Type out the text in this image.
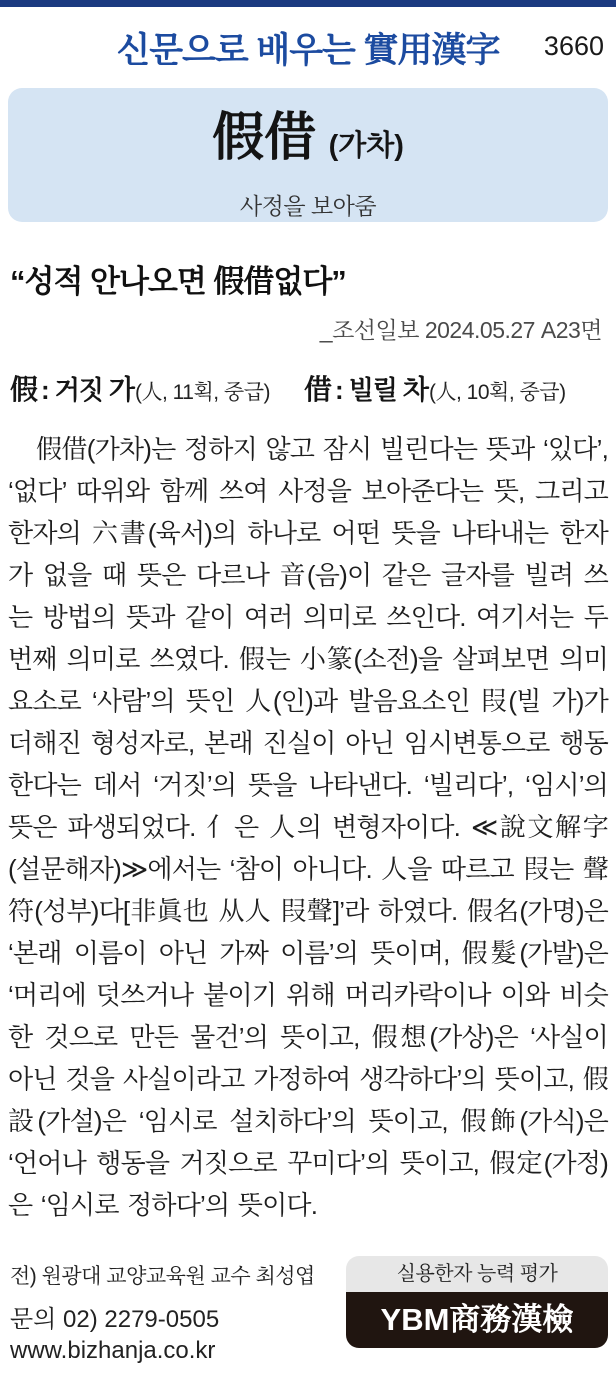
신문으로 배우는 實用漢字	3660
假借 (가차)
사정을 보아줌
“성적 안나오면 假借없다”
_조선일보 2024.05.27 A23면
假 : 거짓 가(人, 11획, 중급) 借 : 빌릴 차(人, 10획, 중급)

假借(가차)는 정하지 않고 잠시 빌린다는 뜻과 ‘있다’, ‘없다’ 따위와 함께 쓰여 사정을 보아준다는 뜻, 그리고 한자의 六書(육서)의 하나로 어떤 뜻을 나타내는 한자가 없을 때 뜻은 다르나 音(음)이 같은 글자를 빌려 쓰는 방법의 뜻과 같이 여러 의미로 쓰인다. 여기서는 두 번째 의미로 쓰였다. 假는 小篆(소전)을 살펴보면 의미요소로 ‘사람’의 뜻인 人(인)과 발음요소인 叚(빌 가)가 더해진 형성자로, 본래 진실이 아닌 임시변통으로 행동한다는 데서 ‘거짓’의 뜻을 나타낸다. ‘빌리다’, ‘임시’의 뜻은 파생되었다. 亻은 人의 변형자이다. ≪說文解字(설문해자)≫에서는 ‘참이 아니다. 人을 따르고 叚는 聲符(성부)다[非眞也 从人 叚聲]’라 하였다. 假名(가명)은 ‘본래 이름이 아닌 가짜 이름’의 뜻이며, 假髮(가발)은 ‘머리에 덧쓰거나 붙이기 위해 머리카락이나 이와 비슷한 것으로 만든 물건’의 뜻이고, 假想(가상)은 ‘사실이 아닌 것을 사실이라고 가정하여 생각하다’의 뜻이고, 假設(가설)은 ‘임시로 설치하다’의 뜻이고, 假飾(가식)은 ‘언어나 행동을 거짓으로 꾸미다’의 뜻이고, 假定(가정)은 ‘임시로 정하다’의 뜻이다.

전) 원광대 교양교육원 교수 최성엽
문의 02) 2279-0505
www.bizhanja.co.kr
실용한자 능력 평가
YBM商務漢檢
